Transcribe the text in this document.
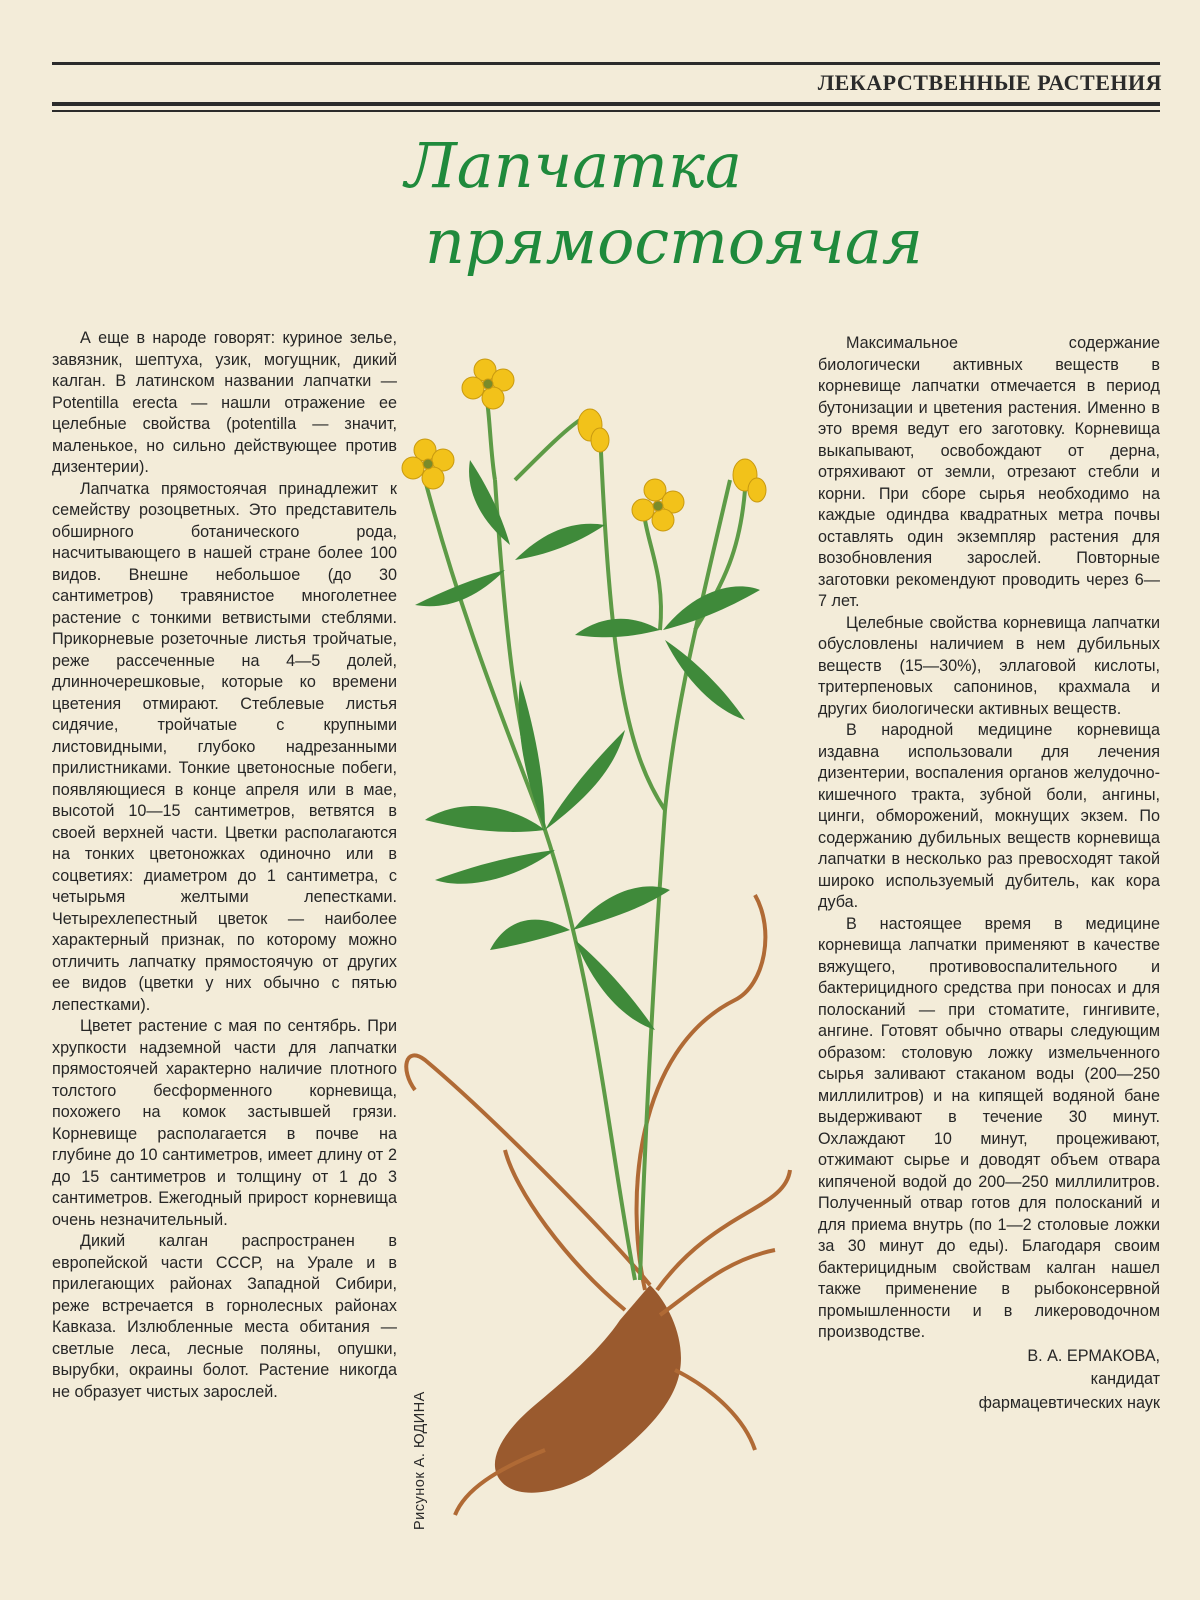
ЛЕКАРСТВЕННЫЕ РАСТЕНИЯ
Лапчатка
прямостоячая

А еще в народе говорят: куриное зелье, завязник, шептуха, узик, могущник, дикий калган. В латинском названии лапчатки — Potentilla erecta — нашли отражение ее целебные свойства (potentilla — значит, маленькое, но сильно действующее против дизентерии).

Лапчатка прямостоячая принадлежит к семейству розоцветных. Это представитель обширного ботанического рода, насчитывающего в нашей стране более 100 видов. Внешне небольшое (до 30 сантиметров) травянистое многолетнее растение с тонкими ветвистыми стеблями. Прикорневые розеточные листья тройчатые, реже рассеченные на 4—5 долей, длинночерешковые, которые ко времени цветения отмирают. Стеблевые листья сидячие, тройчатые с крупными листовидными, глубоко надрезанными прилистниками. Тонкие цветоносные побеги, появляющиеся в конце апреля или в мае, высотой 10—15 сантиметров, ветвятся в своей верхней части. Цветки располагаются на тонких цветоножках одиночно или в соцветиях: диаметром до 1 сантиметра, с четырьмя желтыми лепестками. Четырехлепестный цветок — наиболее характерный признак, по которому можно отличить лапчатку прямостоячую от других ее видов (цветки у них обычно с пятью лепестками).

Цветет растение с мая по сентябрь. При хрупкости надземной части для лапчатки прямостоячей характерно наличие плотного толстого бесформенного корневища, похожего на комок застывшей грязи. Корневище располагается в почве на глубине до 10 сантиметров, имеет длину от 2 до 15 сантиметров и толщину от 1 до 3 сантиметров. Ежегодный прирост корневища очень незначительный.

Дикий калган распространен в европейской части СССР, на Урале и в прилегающих районах Западной Сибири, реже встречается в горнолесных районах Кавказа. Излюбленные места обитания — светлые леса, лесные поляны, опушки, вырубки, окраины болот. Растение никогда не образует чистых зарослей.	Рисунок А. ЮДИНА

Максимальное содержание биологически активных веществ в корневище лапчатки отмечается в период бутонизации и цветения растения. Именно в это время ведут его заготовку. Корневища выкапывают, освобождают от дерна, отряхивают от земли, отрезают стебли и корни. При сборе сырья необходимо на каждые одиндва квадратных метра почвы оставлять один экземпляр растения для возобновления зарослей. Повторные заготовки рекомендуют проводить через 6—7 лет.

Целебные свойства корневища лапчатки обусловлены наличием в нем дубильных веществ (15—30%), эллаговой кислоты, тритерпеновых сапонинов, крахмала и других биологически активных веществ.

В народной медицине корневища издавна использовали для лечения дизентерии, воспаления органов желудочно-кишечного тракта, зубной боли, ангины, цинги, обморожений, мокнущих экзем. По содержанию дубильных веществ корневища лапчатки в несколько раз превосходят такой широко используемый дубитель, как кора дуба.

В настоящее время в медицине корневища лапчатки применяют в качестве вяжущего, противовоспалительного и бактерицидного средства при поносах и для полосканий — при стоматите, гингивите, ангине. Готовят обычно отвары следующим образом: столовую ложку измельченного сырья заливают стаканом воды (200—250 миллилитров) и на кипящей водяной бане выдерживают в течение 30 минут. Охлаждают 10 минут, процеживают, отжимают сырье и доводят объем отвара кипяченой водой до 200—250 миллилитров. Полученный отвар готов для полосканий и для приема внутрь (по 1—2 столовые ложки за 30 минут до еды). Благодаря своим бактерицидным свойствам калган нашел также применение в рыбоконсервной промышленности и в ликероводочном производстве.

В. А. ЕРМАКОВА,

кандидат

фармацевтических наук
